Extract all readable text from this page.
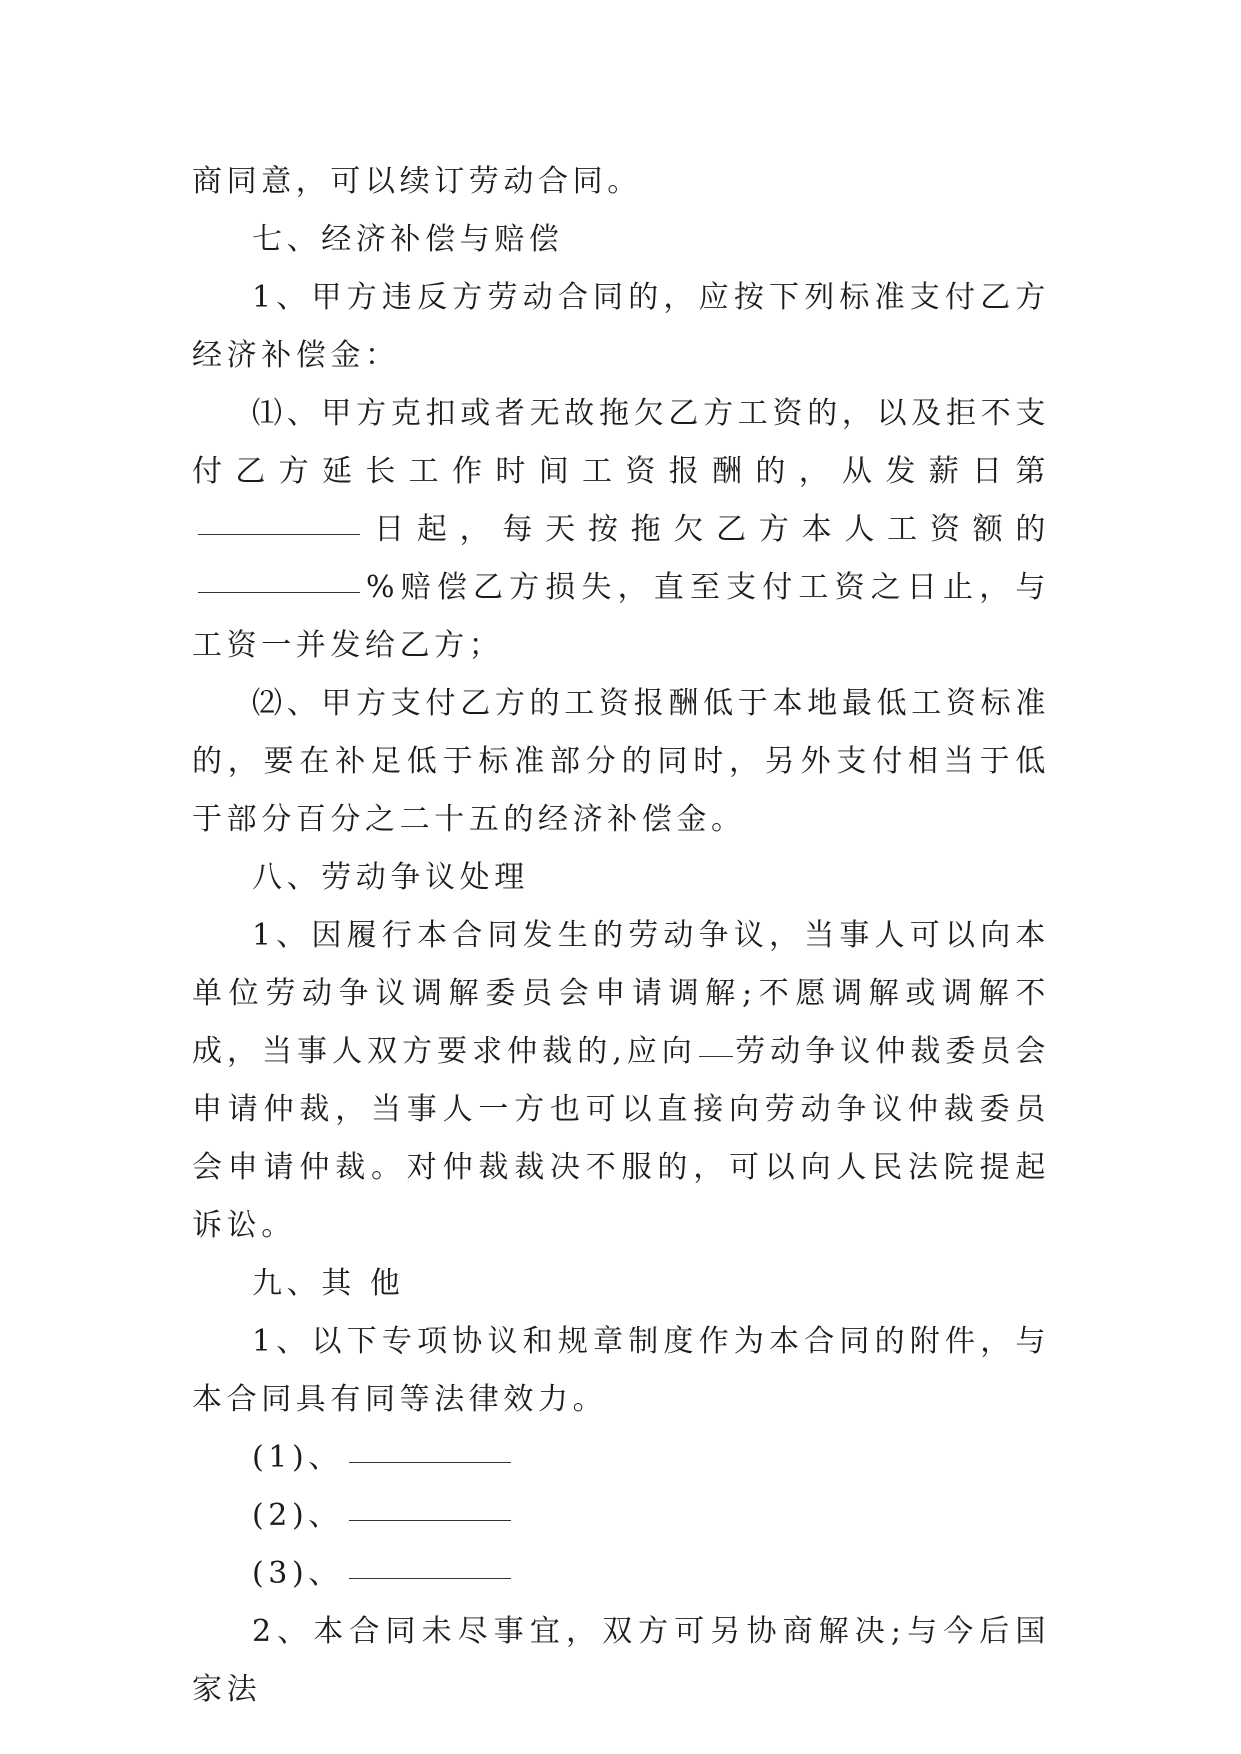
商同意，可以续订劳动合同。

七、经济补偿与赔偿

1、甲方违反方劳动合同的，应按下列标准支付乙方经济补偿金：

⑴、甲方克扣或者无故拖欠乙方工资的，以及拒不支付乙方延长工作时间工资报酬的，从发薪日第日起，每天按拖欠乙方本人工资额的%赔偿乙方损失，直至支付工资之日止，与工资一并发给乙方；

⑵、甲方支付乙方的工资报酬低于本地最低工资标准的，要在补足低于标准部分的同时，另外支付相当于低于部分百分之二十五的经济补偿金。

八、劳动争议处理

1、因履行本合同发生的劳动争议，当事人可以向本单位劳动争议调解委员会申请调解;不愿调解或调解不成，当事人双方要求仲裁的,应向 劳动争议仲裁委员会申请仲裁，当事人一方也可以直接向劳动争议仲裁委员会申请仲裁。对仲裁裁决不服的，可以向人民法院提起诉讼。

九、其 他

1、以下专项协议和规章制度作为本合同的附件，与本合同具有同等法律效力。

(1)、

(2)、

(3)、

2、本合同未尽事宜，双方可另协商解决;与今后国家法
